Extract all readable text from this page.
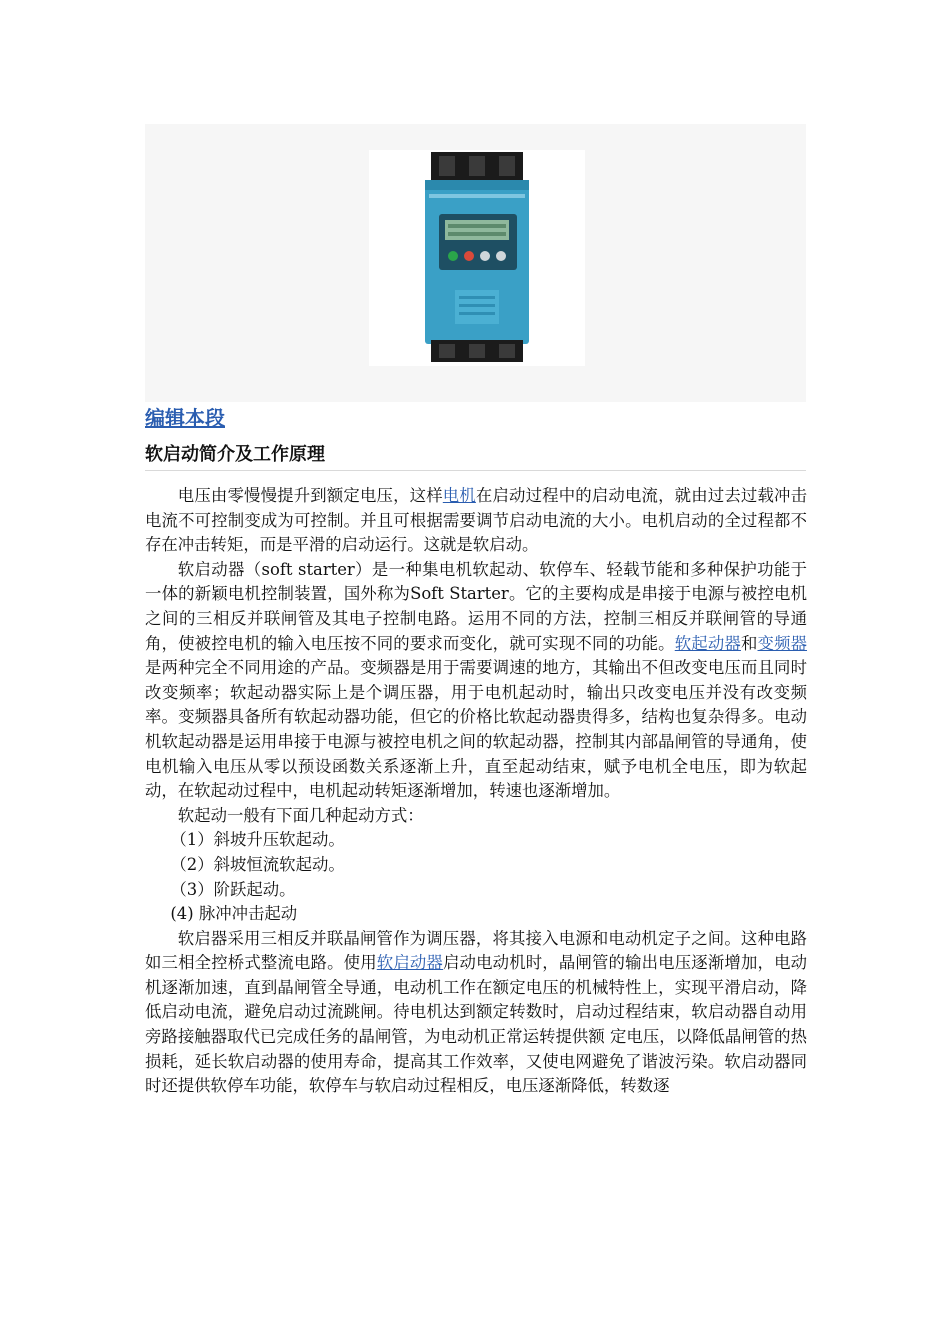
编辑本段
软启动简介及工作原理

电压由零慢慢提升到额定电压，这样电机在启动过程中的启动电流，就由过去过载冲击电流不可控制变成为可控制。并且可根据需要调节启动电流的大小。电机启动的全过程都不存在冲击转矩，而是平滑的启动运行。这就是软启动。

软启动器（soft starter）是一种集电机软起动、软停车、轻载节能和多种保护功能于一体的新颖电机控制装置，国外称为Soft Starter。它的主要构成是串接于电源与被控电机之间的三相反并联闸管及其电子控制电路。运用不同的方法，控制三相反并联闸管的导通角，使被控电机的输入电压按不同的要求而变化，就可实现不同的功能。软起动器和变频器是两种完全不同用途的产品。变频器是用于需要调速的地方，其输出不但改变电压而且同时改变频率；软起动器实际上是个调压器，用于电机起动时，输出只改变电压并没有改变频率。变频器具备所有软起动器功能，但它的价格比软起动器贵得多，结构也复杂得多。电动机软起动器是运用串接于电源与被控电机之间的软起动器，控制其内部晶闸管的导通角，使电机输入电压从零以预设函数关系逐渐上升，直至起动结束，赋予电机全电压，即为软起动，在软起动过程中，电机起动转矩逐渐增加，转速也逐渐增加。

软起动一般有下面几种起动方式：

（1）斜坡升压软起动。

（2）斜坡恒流软起动。

（3）阶跃起动。

(4) 脉冲冲击起动

软启器采用三相反并联晶闸管作为调压器，将其接入电源和电动机定子之间。这种电路如三相全控桥式整流电路。使用软启动器启动电动机时，晶闸管的输出电压逐渐增加，电动机逐渐加速，直到晶闸管全导通，电动机工作在额定电压的机械特性上，实现平滑启动，降低启动电流，避免启动过流跳闸。待电机达到额定转数时，启动过程结束，软启动器自动用旁路接触器取代已完成任务的晶闸管，为电动机正常运转提供额 定电压，以降低晶闸管的热损耗，延长软启动器的使用寿命，提高其工作效率，又使电网避免了谐波污染。软启动器同时还提供软停车功能，软停车与软启动过程相反，电压逐渐降低，转数逐
